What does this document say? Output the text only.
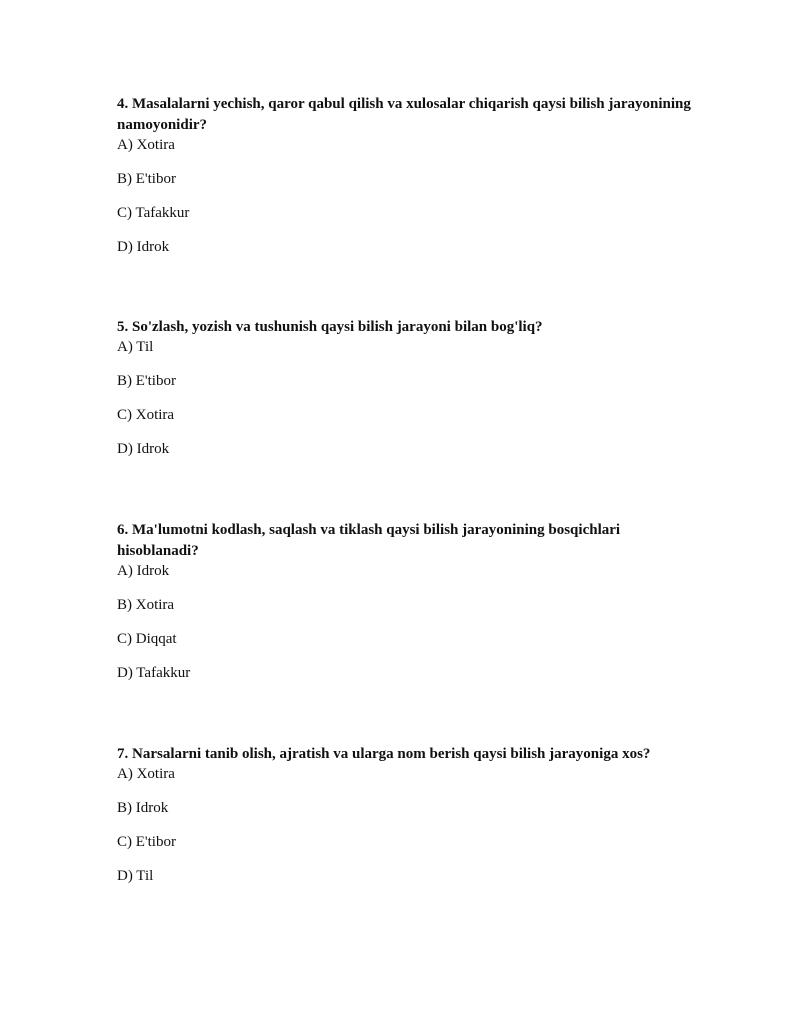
4. Masalalarni yechish, qaror qabul qilish va xulosalar chiqarish qaysi bilish jarayonining namoyonidir?

A) Xotira

B) E'tibor

C) Tafakkur

D) Idrok

5. So'zlash, yozish va tushunish qaysi bilish jarayoni bilan bog'liq?

A) Til

B) E'tibor

C) Xotira

D) Idrok

6. Ma'lumotni kodlash, saqlash va tiklash qaysi bilish jarayonining bosqichlari hisoblanadi?

A) Idrok

B) Xotira

C) Diqqat

D) Tafakkur

7. Narsalarni tanib olish, ajratish va ularga nom berish qaysi bilish jarayoniga xos?

A) Xotira

B) Idrok

C) E'tibor

D) Til
